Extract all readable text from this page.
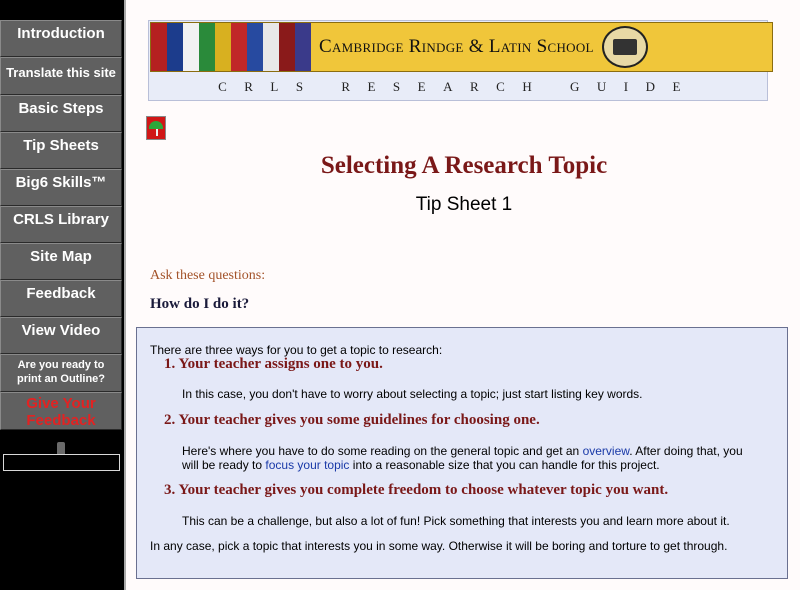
Introduction
Translate this site
Basic Steps
Tip Sheets
Big6 Skills™
CRLS Library
Site Map
Feedback
View Video
Are you ready to print an Outline?
Give Your Feedback
Cambridge Rindge & Latin School
CRLS RESEARCH GUIDE
Selecting A Research Topic
Tip Sheet 1
Ask these questions:
How do I do it?
There are three ways for you to get a topic to research:
1. Your teacher assigns one to you.
In this case, you don't have to worry about selecting a topic; just start listing key words.
2. Your teacher gives you some guidelines for choosing one.
Here's where you have to do some reading on the general topic and get an overview. After doing that, you
will be ready to focus your topic into a reasonable size that you can handle for this project.
3. Your teacher gives you complete freedom to choose whatever topic you want.
This can be a challenge, but also a lot of fun! Pick something that interests you and learn more about it.
In any case, pick a topic that interests you in some way. Otherwise it will be boring and torture to get through.
